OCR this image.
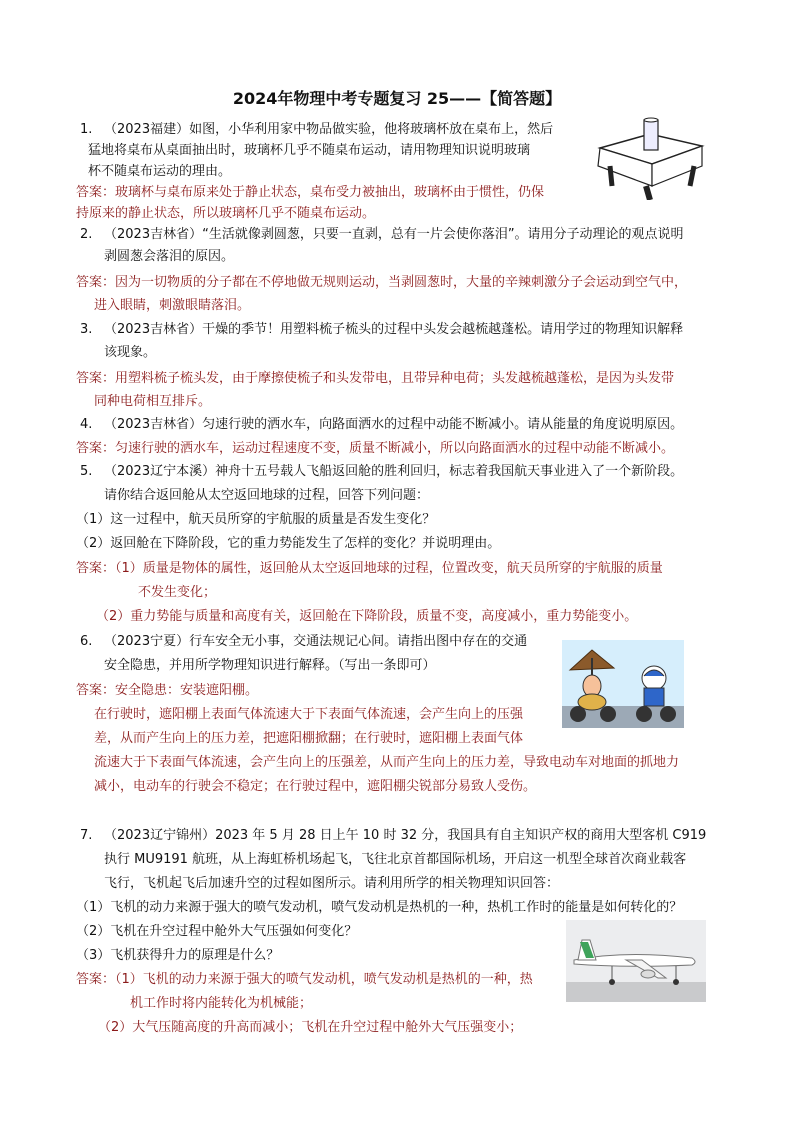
2024年物理中考专题复习 25——【简答题】
1. （2023福建）如图，小华利用家中物品做实验，他将玻璃杯放在桌布上，然后
猛地将桌布从桌面抽出时，玻璃杯几乎不随桌布运动，请用物理知识说明玻璃
杯不随桌布运动的理由。
答案：玻璃杯与桌布原来处于静止状态，桌布受力被抽出，玻璃杯由于惯性，仍保
持原来的静止状态，所以玻璃杯几乎不随桌布运动。
2. （2023吉林省）“生活就像剥圆葱，只要一直剥，总有一片会使你落泪”。请用分子动理论的观点说明
剥圆葱会落泪的原因。
答案：因为一切物质的分子都在不停地做无规则运动，当剥圆葱时，大量的辛辣刺激分子会运动到空气中，
进入眼睛，刺激眼睛落泪。
3. （2023吉林省）干燥的季节！用塑料梳子梳头的过程中头发会越梳越蓬松。请用学过的物理知识解释
该现象。
答案：用塑料梳子梳头发，由于摩擦使梳子和头发带电，且带异种电荷；头发越梳越蓬松，是因为头发带
同种电荷相互排斥。
4. （2023吉林省）匀速行驶的洒水车，向路面洒水的过程中动能不断减小。请从能量的角度说明原因。
答案：匀速行驶的洒水车，运动过程速度不变，质量不断减小，所以向路面洒水的过程中动能不断减小。
5. （2023辽宁本溪）神舟十五号载人飞船返回舱的胜利回归，标志着我国航天事业进入了一个新阶段。
请你结合返回舱从太空返回地球的过程，回答下列问题：
（1）这一过程中，航天员所穿的宇航服的质量是否发生变化？
（2）返回舱在下降阶段，它的重力势能发生了怎样的变化？并说明理由。
答案：（1）质量是物体的属性，返回舱从太空返回地球的过程，位置改变，航天员所穿的宇航服的质量
不发生变化；
（2）重力势能与质量和高度有关，返回舱在下降阶段，质量不变，高度减小，重力势能变小。
6. （2023宁夏）行车安全无小事，交通法规记心间。请指出图中存在的交通
安全隐患，并用所学物理知识进行解释。（写出一条即可）
答案：安全隐患：安装遮阳棚。
在行驶时，遮阳棚上表面气体流速大于下表面气体流速，会产生向上的压强
差，从而产生向上的压力差，把遮阳棚掀翻；在行驶时，遮阳棚上表面气体
流速大于下表面气体流速，会产生向上的压强差，从而产生向上的压力差，导致电动车对地面的抓地力
减小，电动车的行驶会不稳定；在行驶过程中，遮阳棚尖锐部分易致人受伤。
7. （2023辽宁锦州）2023 年 5 月 28 日上午 10 时 32 分，我国具有自主知识产权的商用大型客机 C919
执行 MU9191 航班，从上海虹桥机场起飞，飞往北京首都国际机场，开启这一机型全球首次商业载客
飞行，飞机起飞后加速升空的过程如图所示。请利用所学的相关物理知识回答：
（1）飞机的动力来源于强大的喷气发动机，喷气发动机是热机的一种，热机工作时的能量是如何转化的？
（2）飞机在升空过程中舱外大气压强如何变化？
（3）飞机获得升力的原理是什么？
答案：（1）飞机的动力来源于强大的喷气发动机，喷气发动机是热机的一种，热
机工作时将内能转化为机械能；
（2）大气压随高度的升高而减小；飞机在升空过程中舱外大气压强变小；
